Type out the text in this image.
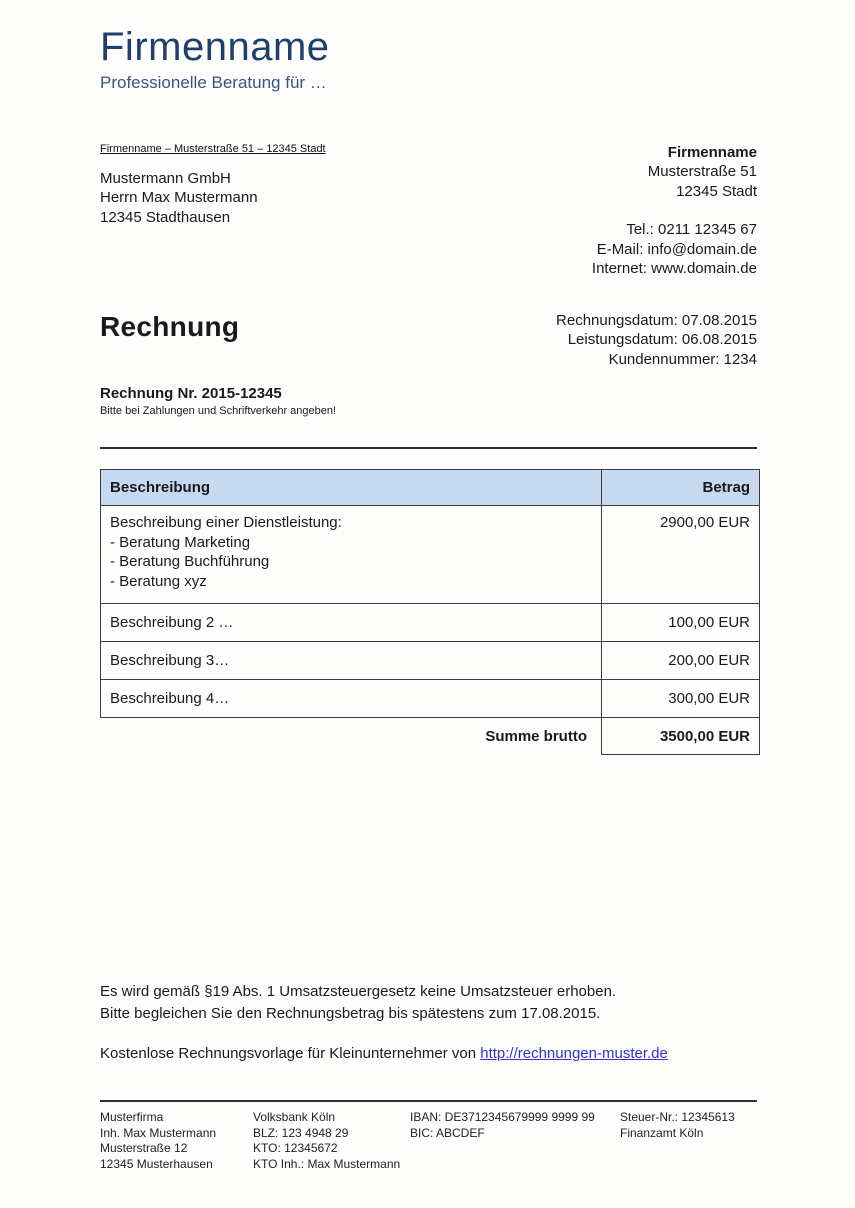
Firmenname
Professionelle Beratung für …
Firmenname – Musterstraße 51 – 12345 Stadt
Mustermann GmbH
Herrn Max Mustermann
12345 Stadthausen
Firmenname
Musterstraße 51
12345 Stadt
Tel.: 0211 12345 67
E-Mail: info@domain.de
Internet: www.domain.de
Rechnung	Rechnungsdatum: 07.08.2015
Leistungsdatum: 06.08.2015
Kundennummer: 1234
Rechnung Nr. 2015-12345
Bitte bei Zahlungen und Schriftverkehr angeben!
Beschreibung	Betrag

Beschreibung einer Dienstleistung:
- Beratung Marketing
- Beratung Buchführung
- Beratung xyz	2900,00 EUR
Beschreibung 2 …	100,00 EUR
Beschreibung 3…	200,00 EUR
Beschreibung 4…	300,00 EUR
Summe brutto	3500,00 EUR
Es wird gemäß §19 Abs. 1 Umsatzsteuergesetz keine Umsatzsteuer erhoben.
Bitte begleichen Sie den Rechnungsbetrag bis spätestens zum 17.08.2015.
Kostenlose Rechnungsvorlage für Kleinunternehmer von http://rechnungen-muster.de
Musterfirma
Inh. Max Mustermann
Musterstraße 12
12345 Musterhausen
Volksbank Köln
BLZ: 123 4948 29
KTO: 12345672
KTO Inh.: Max Mustermann
IBAN: DE3712345679999 9999 99
BIC: ABCDEF
Steuer-Nr.: 12345613
Finanzamt Köln
